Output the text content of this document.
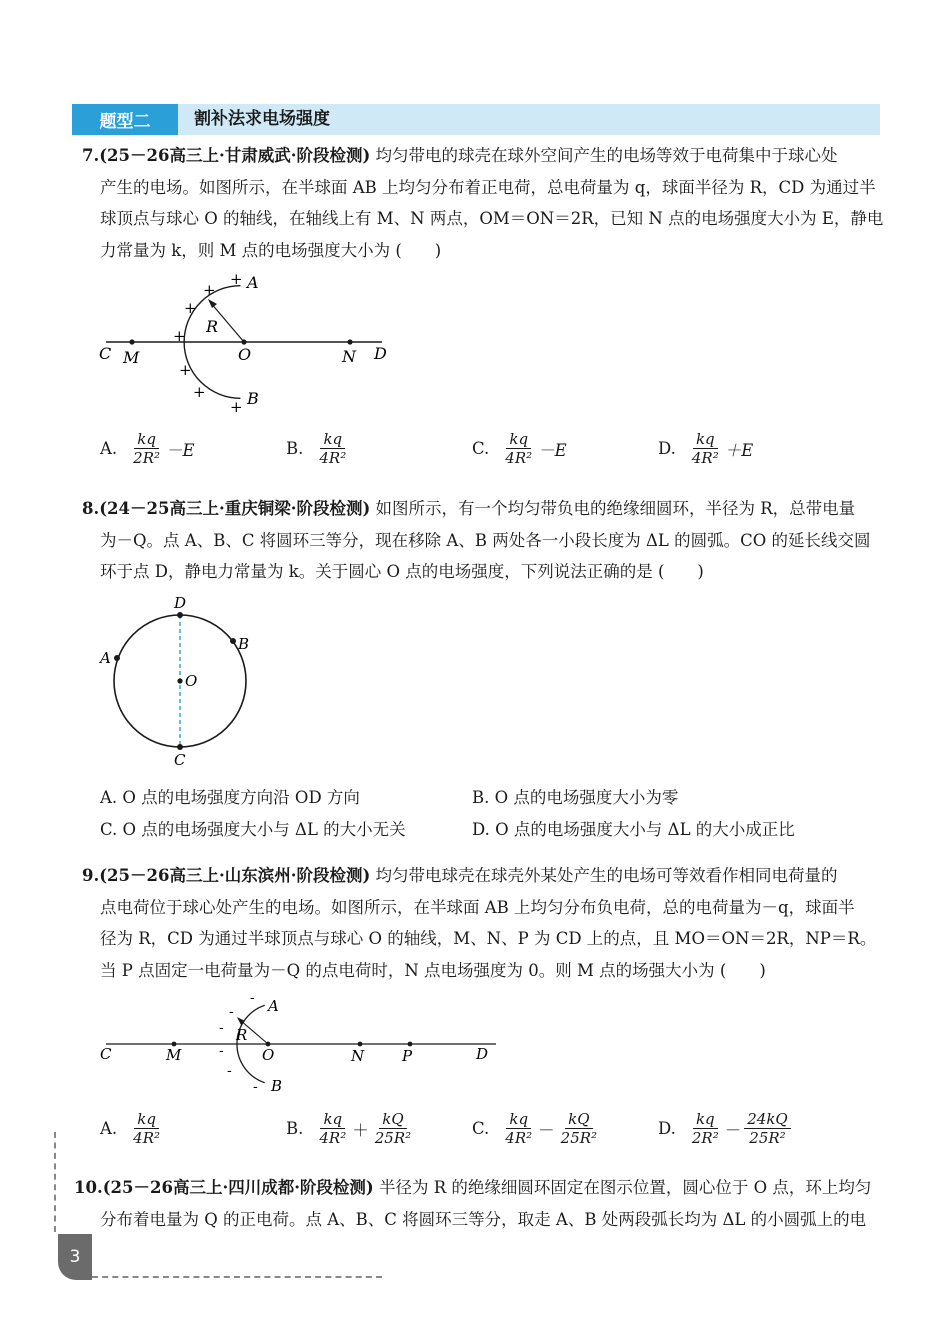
题型二	割补法求电场强度
7.(25－26高三上·甘肃威武·阶段检测) 均匀带电的球壳在球外空间产生的电场等效于电荷集中于球心处
产生的电场。如图所示，在半球面 AB 上均匀分布着正电荷，总电荷量为 q，球面半径为 R，CD 为通过半
球顶点与球心 O 的轴线，在轴线上有 M、N 两点，OM＝ON＝2R，已知 N 点的电场强度大小为 E，静电
力常量为 k，则 M 点的电场强度大小为 (　　)
C M	O	N D
A
B
R
+
+
+
+
+
+
+
A. $\frac{kq}{\text{2R²}} -E$	B. $\frac{kq}{\text{4R²}}$	C. $\frac{kq}{\text{4R²}} -E$	D. $\frac{kq}{\text{4R²}} +E$
8.(24－25高三上·重庆铜梁·阶段检测) 如图所示，有一个均匀带负电的绝缘细圆环，半径为 R，总带电量
为－Q。点 A、B、C 将圆环三等分，现在移除 A、B 两处各一小段长度为 ΔL 的圆弧。CO 的延长线交圆
环于点 D，静电力常量为 k。关于圆心 O 点的电场强度，下列说法正确的是 (　　)
D
C
O
A
B
A. O 点的电场强度方向沿 OD 方向	B. O 点的电场强度大小为零
C. O 点的电场强度大小与 ΔL 的大小无关	D. O 点的电场强度大小与 ΔL 的大小成正比
9.(25－26高三上·山东滨州·阶段检测) 均匀带电球壳在球壳外某处产生的电场可等效看作相同电荷量的
点电荷位于球心处产生的电场。如图所示，在半球面 AB 上均匀分布负电荷，总的电荷量为－q，球面半
径为 R，CD 为通过半球顶点与球心 O 的轴线，M、N、P 为 CD 上的点，且 MO＝ON＝2R，NP＝R。
当 P 点固定一电荷量为－Q 的点电荷时，N 点电场强度为 0。则 M 点的场强大小为 (　　)
C	M	O	N	P	D
A
B
R
-
-
-
-
-
-
A. $\frac{kq}{\text{4R²}}$	B. $\frac{kq}{\text{4R²}} + \frac{kQ}{\text{25R²}}$	C. $\frac{kq}{\text{4R²}} - \frac{kQ}{\text{25R²}}$	D. $\frac{kq}{\text{2R²}} - \frac{24kQ}{\text{25R²}}$
10.(25－26高三上·四川成都·阶段检测) 半径为 R 的绝缘细圆环固定在图示位置，圆心位于 O 点，环上均匀
分布着电量为 Q 的正电荷。点 A、B、C 将圆环三等分，取走 A、B 处两段弧长均为 ΔL 的小圆弧上的电
3
